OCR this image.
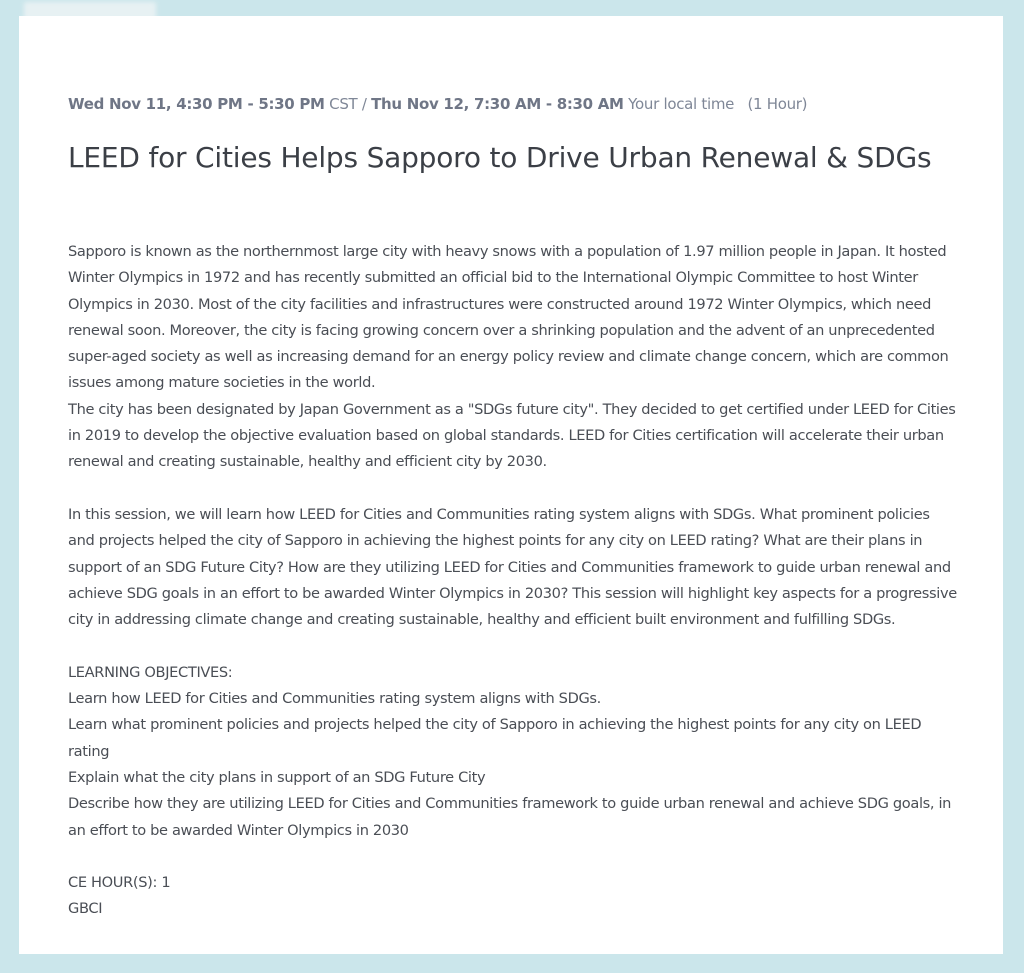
Wed Nov 11, 4:30 PM - 5:30 PM CST / Thu Nov 12, 7:30 AM - 8:30 AM Your local time (1 Hour)
LEED for Cities Helps Sapporo to Drive Urban Renewal & SDGs

Sapporo is known as the northernmost large city with heavy snows with a population of 1.97 million people in Japan. It hosted Winter Olympics in 1972 and has recently submitted an official bid to the International Olympic Committee to host Winter Olympics in 2030. Most of the city facilities and infrastructures were constructed around 1972 Winter Olympics, which need renewal soon. Moreover, the city is facing growing concern over a shrinking population and the advent of an unprecedented super-aged society as well as increasing demand for an energy policy review and climate change concern, which are common issues among mature societies in the world.

The city has been designated by Japan Government as a "SDGs future city". They decided to get certified under LEED for Cities in 2019 to develop the objective evaluation based on global standards. LEED for Cities certification will accelerate their urban renewal and creating sustainable, healthy and efficient city by 2030.

In this session, we will learn how LEED for Cities and Communities rating system aligns with SDGs. What prominent policies and projects helped the city of Sapporo in achieving the highest points for any city on LEED rating? What are their plans in support of an SDG Future City? How are they utilizing LEED for Cities and Communities framework to guide urban renewal and achieve SDG goals in an effort to be awarded Winter Olympics in 2030? This session will highlight key aspects for a progressive city in addressing climate change and creating sustainable, healthy and efficient built environment and fulfilling SDGs.

LEARNING OBJECTIVES:

Learn how LEED for Cities and Communities rating system aligns with SDGs.

Learn what prominent policies and projects helped the city of Sapporo in achieving the highest points for any city on LEED rating

Explain what the city plans in support of an SDG Future City

Describe how they are utilizing LEED for Cities and Communities framework to guide urban renewal and achieve SDG goals, in an effort to be awarded Winter Olympics in 2030

CE HOUR(S): 1

GBCI
